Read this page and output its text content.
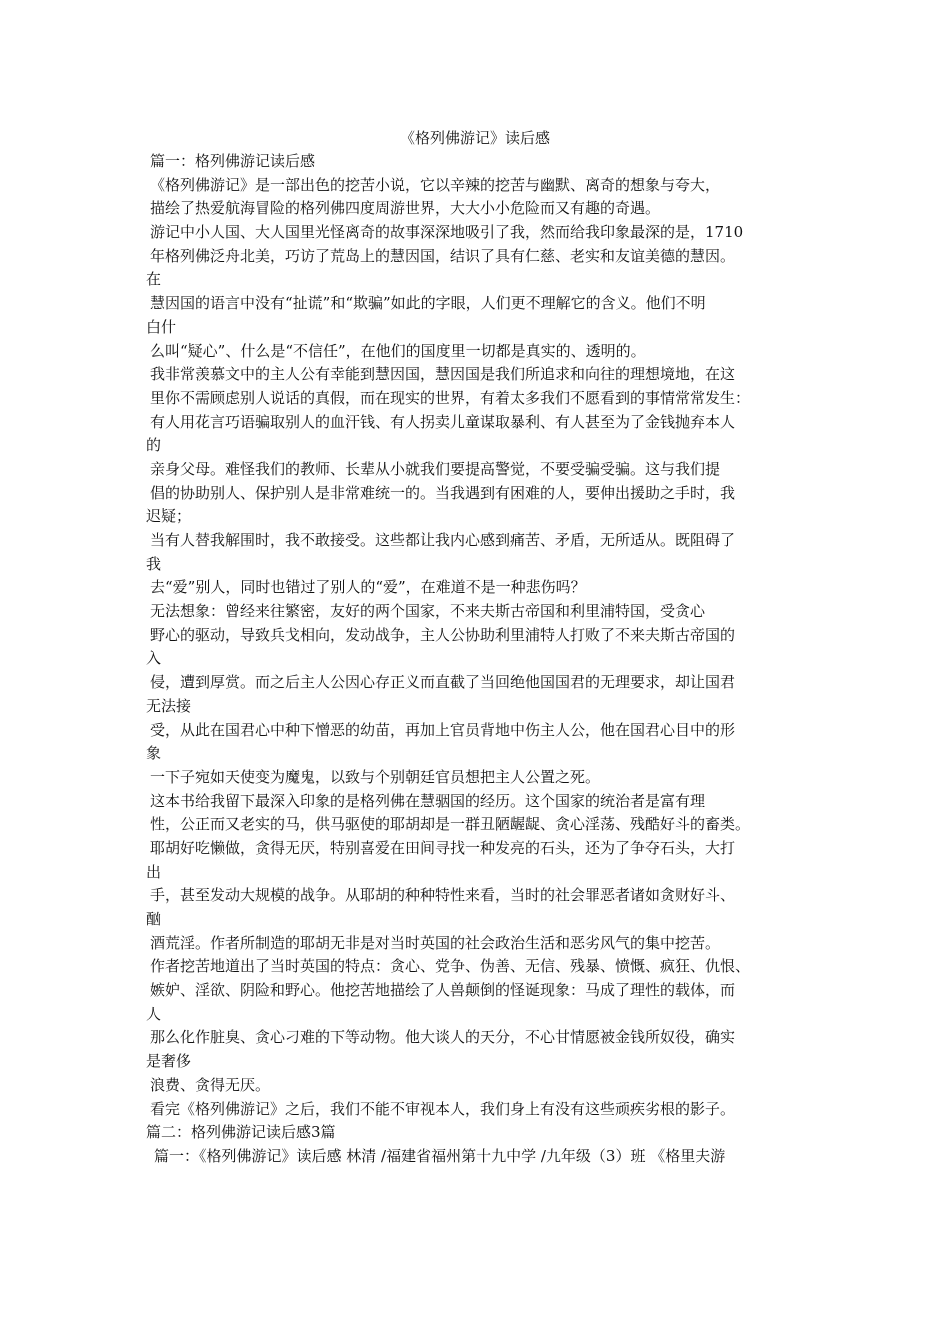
《格列佛游记》读后感
篇一：格列佛游记读后感
《格列佛游记》是一部出色的挖苦小说，它以辛辣的挖苦与幽默、离奇的想象与夸大，
描绘了热爱航海冒险的格列佛四度周游世界，大大小小危险而又有趣的奇遇。
游记中小人国、大人国里光怪离奇的故事深深地吸引了我，然而给我印象最深的是，1710
年格列佛泛舟北美，巧访了荒岛上的慧因国，结识了具有仁慈、老实和友谊美德的慧因。
在
慧因国的语言中没有“扯谎”和“欺骗”如此的字眼，人们更不理解它的含义。他们不明
白什
么叫“疑心”、什么是“不信任”，在他们的国度里一切都是真实的、透明的。
我非常羡慕文中的主人公有幸能到慧因国，慧因国是我们所追求和向往的理想境地，在这
里你不需顾虑别人说话的真假，而在现实的世界，有着太多我们不愿看到的事情常常发生：
有人用花言巧语骗取别人的血汗钱、有人拐卖儿童谋取暴利、有人甚至为了金钱抛弃本人
的
亲身父母。难怪我们的教师、长辈从小就我们要提高警觉，不要受骗受骗。这与我们提
倡的协助别人、保护别人是非常难统一的。当我遇到有困难的人，要伸出援助之手时，我
迟疑；
当有人替我解围时，我不敢接受。这些都让我内心感到痛苦、矛盾，无所适从。既阻碍了
我
去“爱”别人，同时也错过了别人的“爱”，在难道不是一种悲伤吗？
无法想象：曾经来往繁密，友好的两个国家，不来夫斯古帝国和利里浦特国，受贪心
野心的驱动，导致兵戈相向，发动战争，主人公协助利里浦特人打败了不来夫斯古帝国的
入
侵，遭到厚赏。而之后主人公因心存正义而直截了当回绝他国国君的无理要求，却让国君
无法接
受，从此在国君心中种下憎恶的幼苗，再加上官员背地中伤主人公，他在国君心目中的形
象
一下子宛如天使变为魔鬼，以致与个别朝廷官员想把主人公置之死。
这本书给我留下最深入印象的是格列佛在慧骃国的经历。这个国家的统治者是富有理
性，公正而又老实的马，供马驱使的耶胡却是一群丑陋龌龊、贪心淫荡、残酷好斗的畜类。
耶胡好吃懒做，贪得无厌，特别喜爱在田间寻找一种发亮的石头，还为了争夺石头，大打
出
手，甚至发动大规模的战争。从耶胡的种种特性来看，当时的社会罪恶者诸如贪财好斗、
酗
酒荒淫。作者所制造的耶胡无非是对当时英国的社会政治生活和恶劣风气的集中挖苦。
作者挖苦地道出了当时英国的特点：贪心、党争、伪善、无信、残暴、愤慨、疯狂、仇恨、
嫉妒、淫欲、阴险和野心。他挖苦地描绘了人兽颠倒的怪诞现象：马成了理性的载体，而
人
那么化作脏臭、贪心刁难的下等动物。他大谈人的天分，不心甘情愿被金钱所奴役，确实
是奢侈
浪费、贪得无厌。
看完《格列佛游记》之后，我们不能不审视本人，我们身上有没有这些顽疾劣根的影子。
篇二：格列佛游记读后感3篇
篇一：《格列佛游记》读后感 林清 /福建省福州第十九中学 /九年级（3）班 《格里夫游
